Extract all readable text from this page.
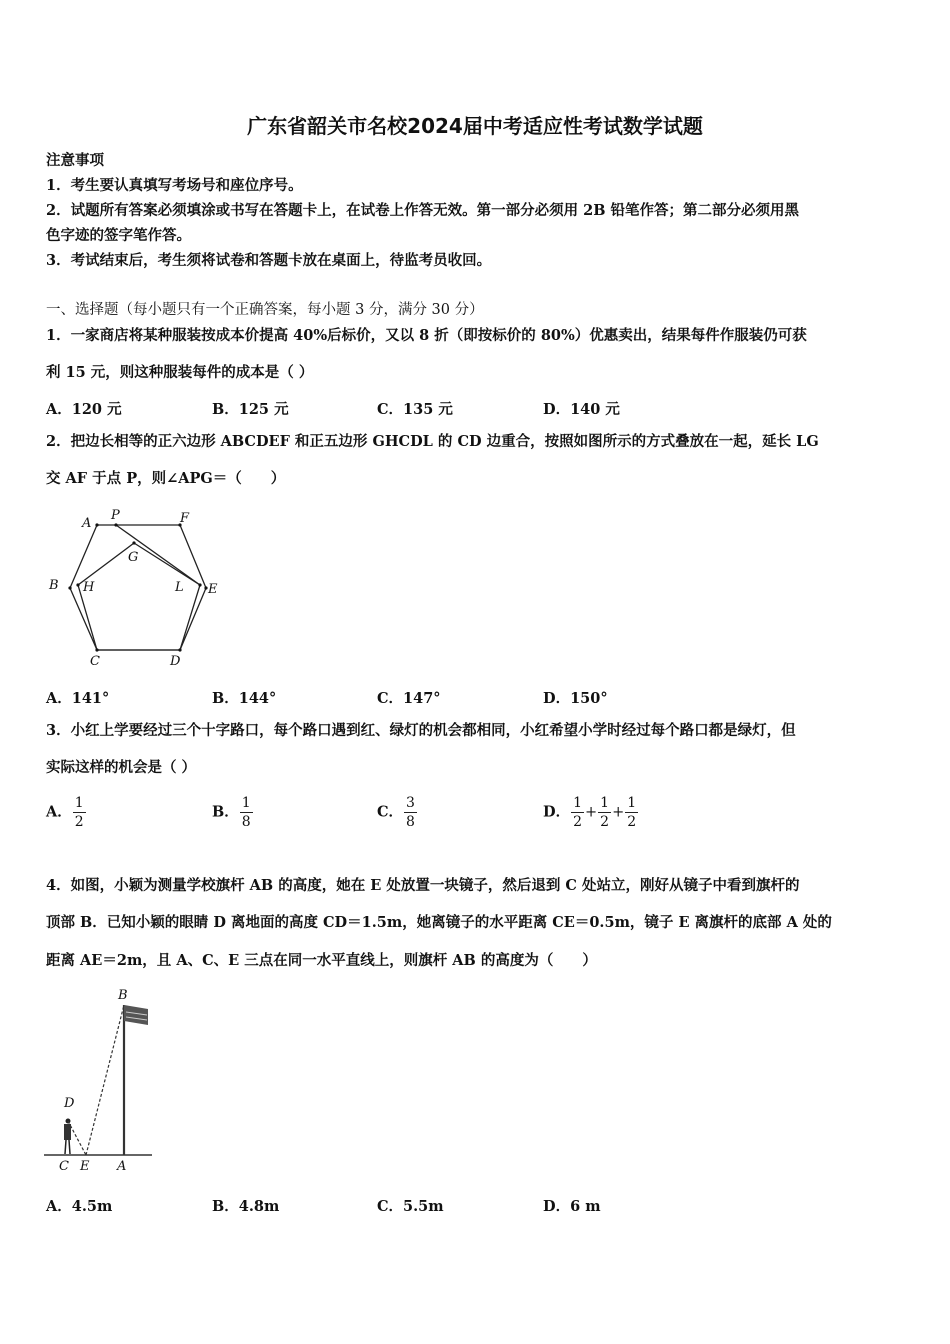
广东省韶关市名校2024届中考适应性考试数学试题
注意事项
1．考生要认真填写考场号和座位序号。
2．试题所有答案必须填涂或书写在答题卡上，在试卷上作答无效。第一部分必须用 2B 铅笔作答；第二部分必须用黑
色字迹的签字笔作答。
3．考试结束后，考生须将试卷和答题卡放在桌面上，待监考员收回。
一、选择题（每小题只有一个正确答案，每小题 3 分，满分 30 分）
1．一家商店将某种服装按成本价提高 40%后标价，又以 8 折（即按标价的 80%）优惠卖出，结果每件作服装仍可获
利 15 元，则这种服装每件的成本是（ ）
A．120 元	B．125 元	C．135 元	D．140 元
2．把边长相等的正六边形 ABCDEF 和正五边形 GHCDL 的 CD 边重合，按照如图所示的方式叠放在一起，延长 LG
交 AF 于点 P，则∠APG＝（　　）
A
P	F
G
B H	L E
C	D
A．141°	B．144°	C．147°	D．150°
3．小红上学要经过三个十字路口，每个路口遇到红、绿灯的机会都相同，小红希望小学时经过每个路口都是绿灯，但
实际这样的机会是（ ）
A． $\frac{1}{2}$	B． $\frac{1}{8}$	C． $\frac{3}{8}$	D． $\frac{1}{2} + \frac{1}{2} + \frac{1}{2}$
4．如图，小颖为测量学校旗杆 AB 的高度，她在 E 处放置一块镜子，然后退到 C 处站立，刚好从镜子中看到旗杆的
顶部 B．已知小颖的眼睛 D 离地面的高度 CD＝1.5m，她离镜子的水平距离 CE＝0.5m，镜子 E 离旗杆的底部 A 处的
距离 AE＝2m，且 A、C、E 三点在同一水平直线上，则旗杆 AB 的高度为（　　）
B
D
C E A
A．4.5m	B．4.8m	C．5.5m	D．6 m
